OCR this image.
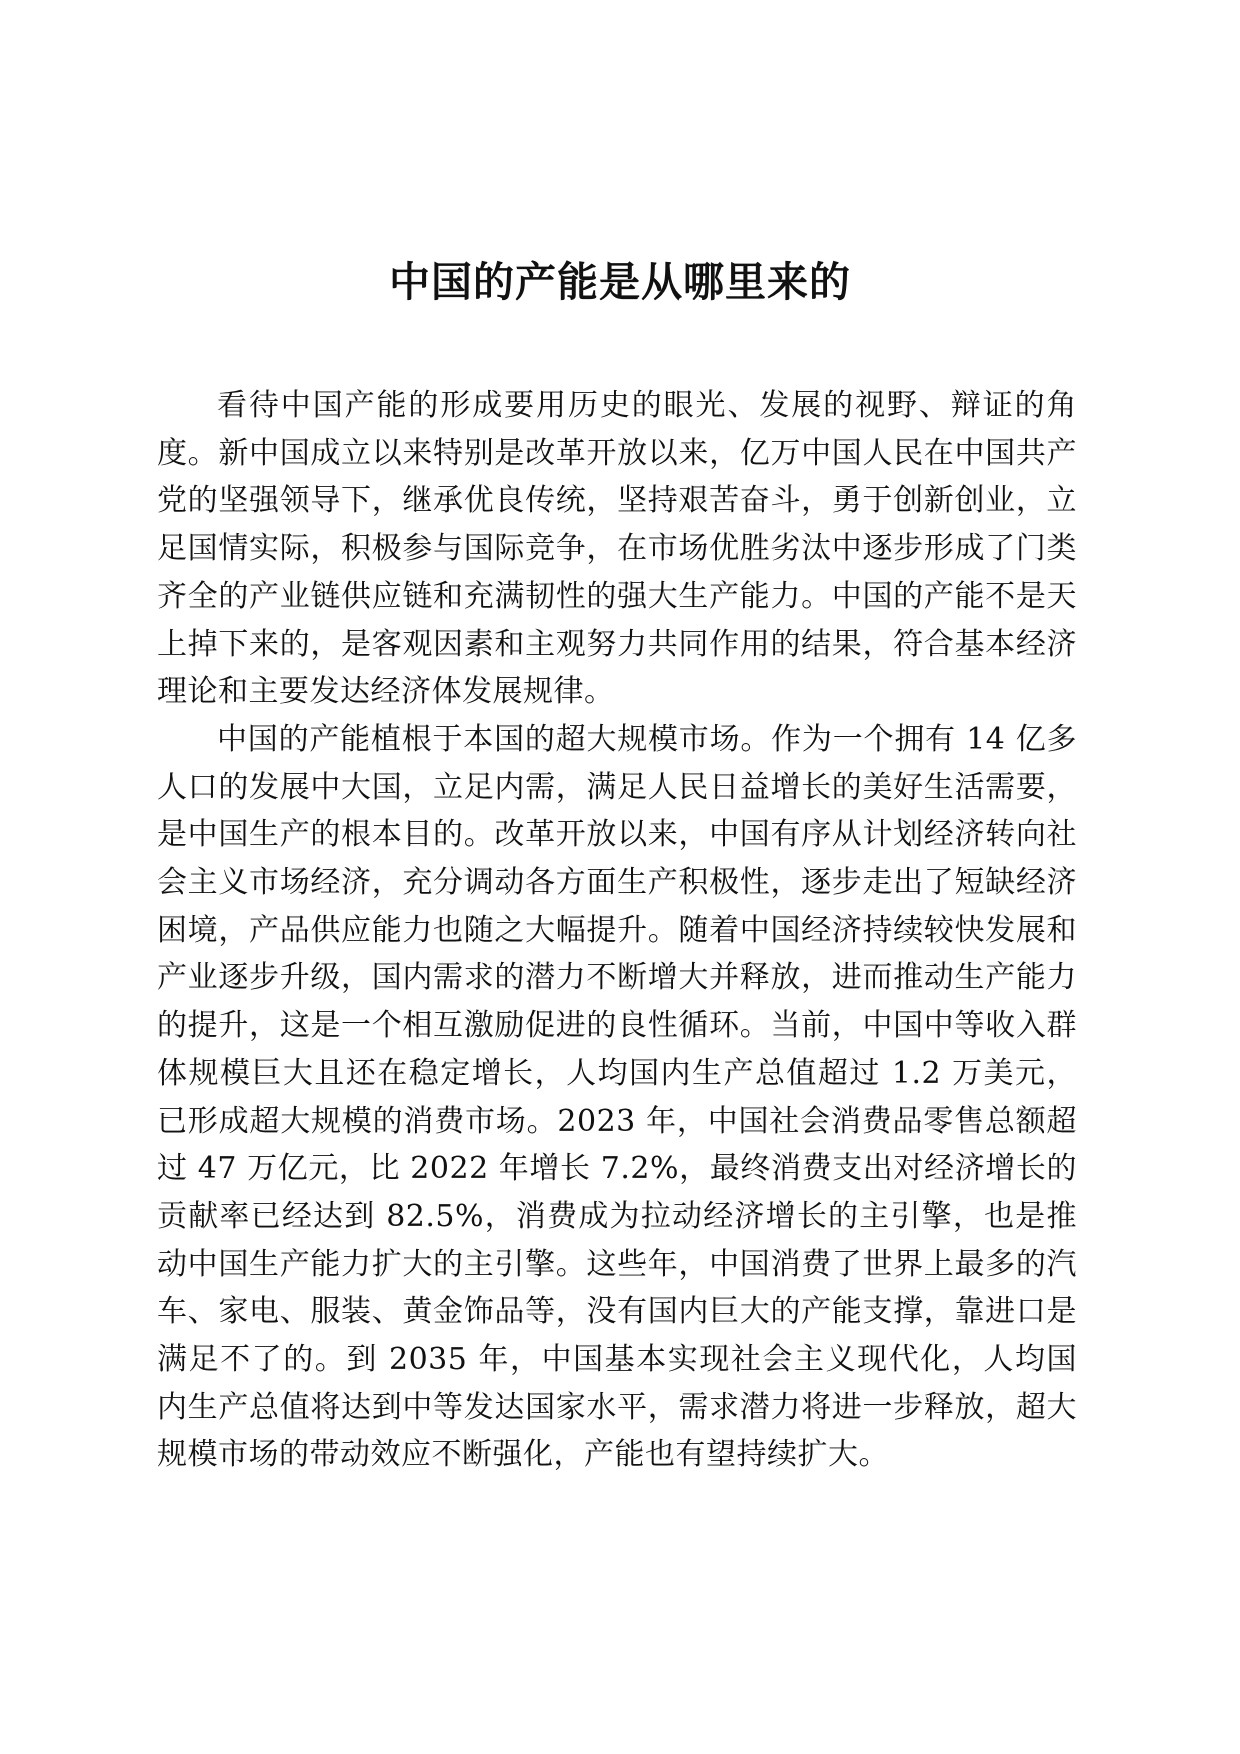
中国的产能是从哪里来的

看待中国产能的形成要用历史的眼光、发展的视野、辩证的角度。新中国成立以来特别是改革开放以来，亿万中国人民在中国共产党的坚强领导下，继承优良传统，坚持艰苦奋斗，勇于创新创业，立足国情实际，积极参与国际竞争，在市场优胜劣汰中逐步形成了门类齐全的产业链供应链和充满韧性的强大生产能力。中国的产能不是天上掉下来的，是客观因素和主观努力共同作用的结果，符合基本经济理论和主要发达经济体发展规律。

中国的产能植根于本国的超大规模市场。作为一个拥有 14 亿多人口的发展中大国，立足内需，满足人民日益增长的美好生活需要，是中国生产的根本目的。改革开放以来，中国有序从计划经济转向社会主义市场经济，充分调动各方面生产积极性，逐步走出了短缺经济困境，产品供应能力也随之大幅提升。随着中国经济持续较快发展和产业逐步升级，国内需求的潜力不断增大并释放，进而推动生产能力的提升，这是一个相互激励促进的良性循环。当前，中国中等收入群体规模巨大且还在稳定增长，人均国内生产总值超过 1.2 万美元，已形成超大规模的消费市场。2023 年，中国社会消费品零售总额超过 47 万亿元，比 2022 年增长 7.2%，最终消费支出对经济增长的贡献率已经达到 82.5%，消费成为拉动经济增长的主引擎，也是推动中国生产能力扩大的主引擎。这些年，中国消费了世界上最多的汽车、家电、服装、黄金饰品等，没有国内巨大的产能支撑，靠进口是满足不了的。到 2035 年，中国基本实现社会主义现代化，人均国内生产总值将达到中等发达国家水平，需求潜力将进一步释放，超大规模市场的带动效应不断强化，产能也有望持续扩大。
